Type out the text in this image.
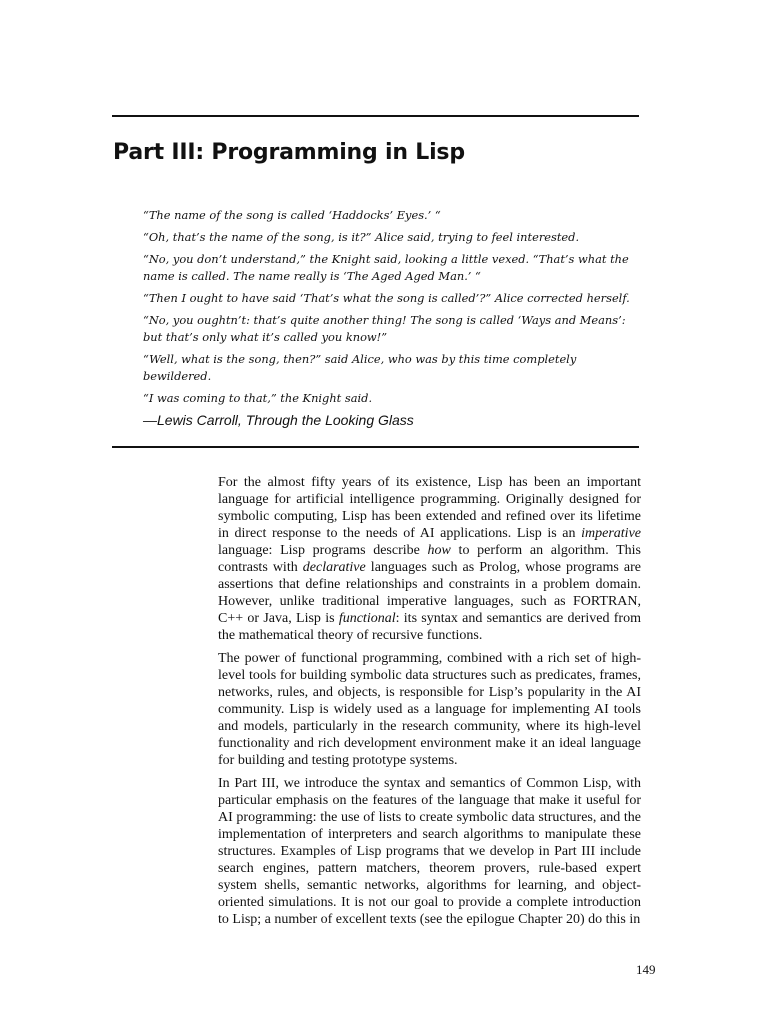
Part III: Programming in Lisp

“The name of the song is called ‘Haddocks’ Eyes.’ “

“Oh, that’s the name of the song, is it?” Alice said, trying to feel interested.

“No, you don’t understand,” the Knight said, looking a little vexed. “That’s what the name is called. The name really is ‘The Aged Aged Man.’ “

“Then I ought to have said ‘That’s what the song is called’?” Alice corrected herself.

“No, you oughtn’t: that’s quite another thing! The song is called ‘Ways and Means’: but that’s only what it’s called you know!”

“Well, what is the song, then?” said Alice, who was by this time completely bewildered.

“I was coming to that,” the Knight said.

—Lewis Carroll, Through the Looking Glass

For the almost fifty years of its existence, Lisp has been an important language for artificial intelligence programming. Originally designed for symbolic computing, Lisp has been extended and refined over its lifetime in direct response to the needs of AI applications. Lisp is an imperative language: Lisp programs describe how to perform an algorithm. This contrasts with declarative languages such as Prolog, whose programs are assertions that define relationships and constraints in a problem domain. However, unlike traditional imperative languages, such as FORTRAN, C++ or Java, Lisp is functional: its syntax and semantics are derived from the mathematical theory of recursive functions.

The power of functional programming, combined with a rich set of high-level tools for building symbolic data structures such as predicates, frames, networks, rules, and objects, is responsible for Lisp’s popularity in the AI community. Lisp is widely used as a language for implementing AI tools and models, particularly in the research community, where its high-level functionality and rich development environment make it an ideal language for building and testing prototype systems.

In Part III, we introduce the syntax and semantics of Common Lisp, with particular emphasis on the features of the language that make it useful for AI programming: the use of lists to create symbolic data structures, and the implementation of interpreters and search algorithms to manipulate these structures. Examples of Lisp programs that we develop in Part III include search engines, pattern matchers, theorem provers, rule-based expert system shells, semantic networks, algorithms for learning, and object-oriented simulations. It is not our goal to provide a complete introduction to Lisp; a number of excellent texts (see the epilogue Chapter 20) do this in

149
